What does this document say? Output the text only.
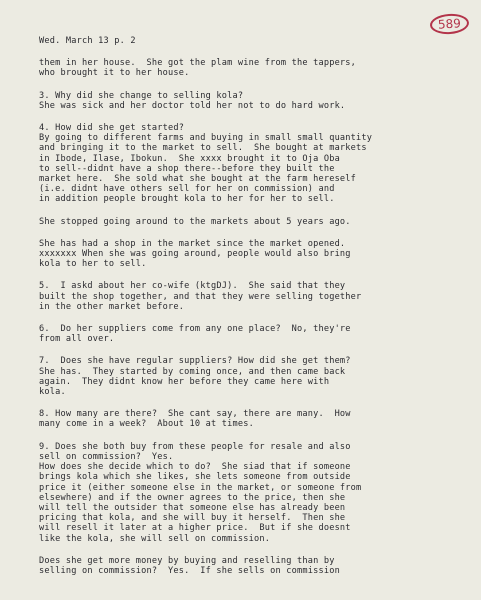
589
Wed. March 13 p. 2
them in her house.  She got the plam wine from the tappers,
who brought it to her house.
3. Why did she change to selling kola?
She was sick and her doctor told her not to do hard work.
4. How did she get started?
By going to different farms and buying in small small quantity
and bringing it to the market to sell.  She bought at markets
in Ibode, Ilase, Ibokun.  She xxxx brought it to Oja Oba
to sell--didnt have a shop there--before they built the
market here.  She sold what she bought at the farm hereself
(i.e. didnt have others sell for her on commission) and
in addition people brought kola to her for her to sell.
She stopped going around to the markets about 5 years ago.
She has had a shop in the market since the market opened.
xxxxxxx When she was going around, people would also bring
kola to her to sell.
5.  I askd about her co-wife (ktgDJ).  She said that they
built the shop together, and that they were selling together
in the other market before.
6.  Do her suppliers come from any one place?  No, they're
from all over.
7.  Does she have regular suppliers? How did she get them?
She has.  They started by coming once, and then came back
again.  They didnt know her before they came here with
kola.
8. How many are there?  She cant say, there are many.  How
many come in a week?  About 10 at times.
9. Does she both buy from these people for resale and also
sell on commission?  Yes.
How does she decide which to do?  She siad that if someone
brings kola which she likes, she lets someone from outside
price it (either someone else in the market, or someone from
elsewhere) and if the owner agrees to the price, then she
will tell the outsider that someone else has already been
pricing that kola, and she will buy it herself.  Then she
will resell it later at a higher price.  But if she doesnt
like the kola, she will sell on commission.
Does she get more money by buying and reselling than by
selling on commission?  Yes.  If she sells on commission
